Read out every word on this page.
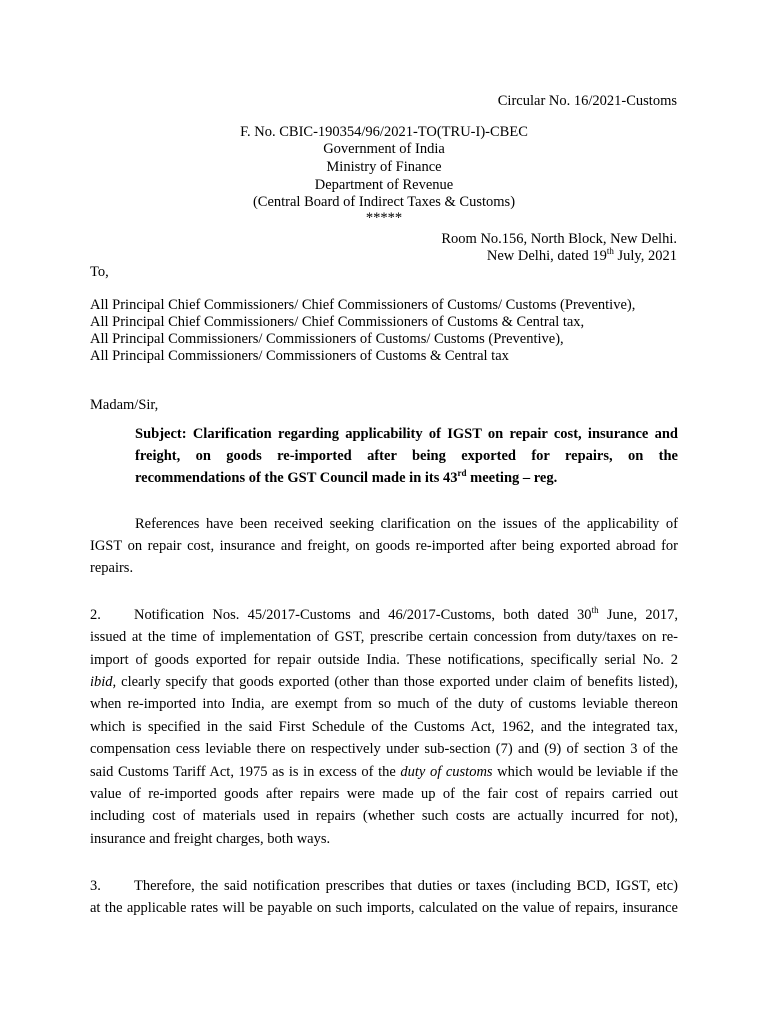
Circular No. 16/2021-Customs
F. No. CBIC-190354/96/2021-TO(TRU-I)-CBEC
Government of India
Ministry of Finance
Department of Revenue
(Central Board of Indirect Taxes & Customs)
*****
Room No.156, North Block, New Delhi.
New Delhi, dated 19th July, 2021
To,
All Principal Chief Commissioners/ Chief Commissioners of Customs/ Customs (Preventive),
All Principal Chief Commissioners/ Chief Commissioners of Customs & Central tax,
All Principal Commissioners/ Commissioners of Customs/ Customs (Preventive),
All Principal Commissioners/ Commissioners of Customs & Central tax
Madam/Sir,
Subject: Clarification regarding applicability of IGST on repair cost, insurance and
freight, on goods re-imported after being exported for repairs, on the
recommendations of the GST Council made in its 43rd meeting – reg.
References have been received seeking clarification on the issues of the applicability of
IGST on repair cost, insurance and freight, on goods re-imported after being exported abroad for
repairs.
2. Notification Nos. 45/2017-Customs and 46/2017-Customs, both dated 30th June, 2017,
issued at the time of implementation of GST, prescribe certain concession from duty/taxes on re-
import of goods exported for repair outside India. These notifications, specifically serial No. 2
ibid, clearly specify that goods exported (other than those exported under claim of benefits listed),
when re-imported into India, are exempt from so much of the duty of customs leviable thereon
which is specified in the said First Schedule of the Customs Act, 1962, and the integrated tax,
compensation cess leviable there on respectively under sub-section (7) and (9) of section 3 of the
said Customs Tariff Act, 1975 as is in excess of the duty of customs which would be leviable if the
value of re-imported goods after repairs were made up of the fair cost of repairs carried out
including cost of materials used in repairs (whether such costs are actually incurred for not),
insurance and freight charges, both ways.
3. Therefore, the said notification prescribes that duties or taxes (including BCD, IGST, etc)
at the applicable rates will be payable on such imports, calculated on the value of repairs, insurance
